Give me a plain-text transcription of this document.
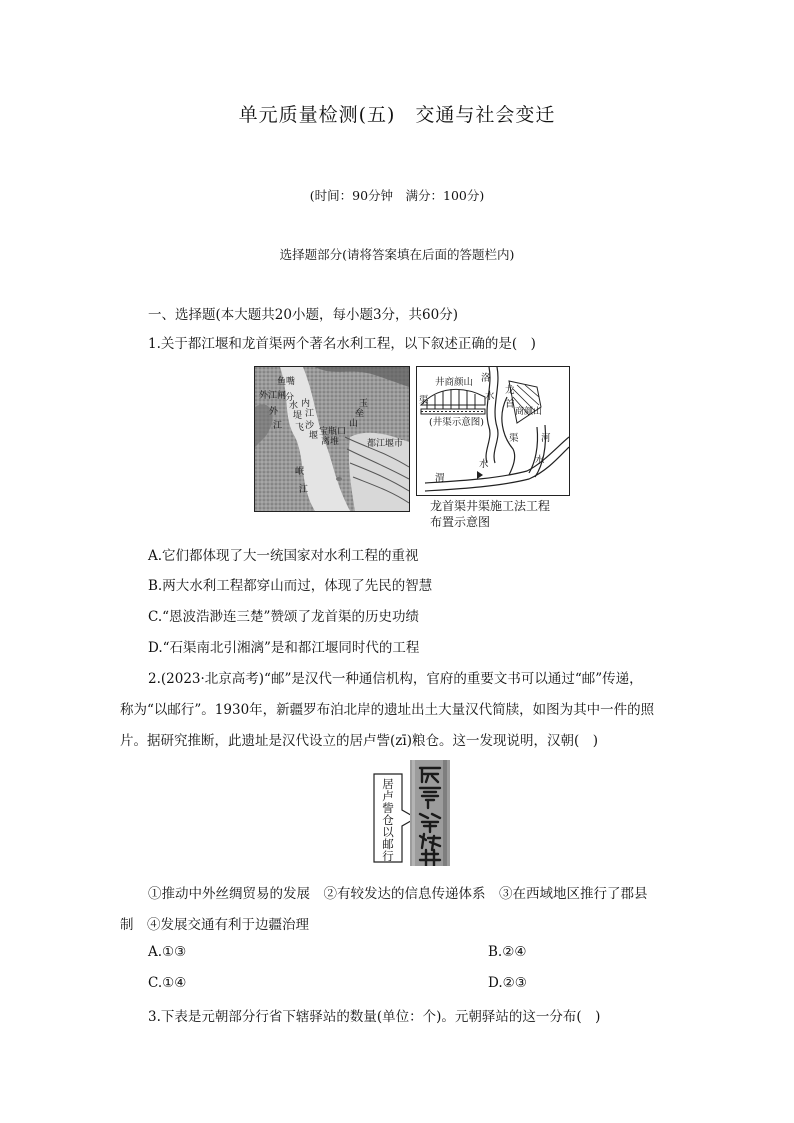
单元质量检测(五)　交通与社会变迁
(时间：90分钟　满分：100分)
选择题部分(请将答案填在后面的答题栏内)
一、选择题(本大题共20小题，每小题3分，共60分)
1.关于都江堰和龙首渠两个著名水利工程，以下叙述正确的是(　)
鱼嘴
外江闸
外
江
分
水
堤
内
江
飞 沙
堰 宝瓶口
离堆
玉
垒
山
都江堰市
岷
江
井商颜山
渠
(井渠示意图)
洛
水
龙
首
商颜山
渠 河
水
渭
水
龙首渠井渠施工法工程
布置示意图
A.它们都体现了大一统国家对水利工程的重视
B.两大水利工程都穿山而过，体现了先民的智慧
C.“恩波浩渺连三楚”赞颂了龙首渠的历史功绩
D.“石渠南北引湘漓”是和都江堰同时代的工程
2.(2023·北京高考)“邮”是汉代一种通信机构，官府的重要文书可以通过“邮”传递，
称为“以邮行”。1930年，新疆罗布泊北岸的遗址出土大量汉代简牍，如图为其中一件的照
片。据研究推断，此遗址是汉代设立的居卢訾(zī)粮仓。这一发现说明，汉朝(　)
居
卢
訾
仓
以
邮
行
①推动中外丝绸贸易的发展　②有较发达的信息传递体系　③在西域地区推行了郡县
制　④发展交通有利于边疆治理
A.①③	B.②④
C.①④	D.②③
3.下表是元朝部分行省下辖驿站的数量(单位：个)。元朝驿站的这一分布(　)
